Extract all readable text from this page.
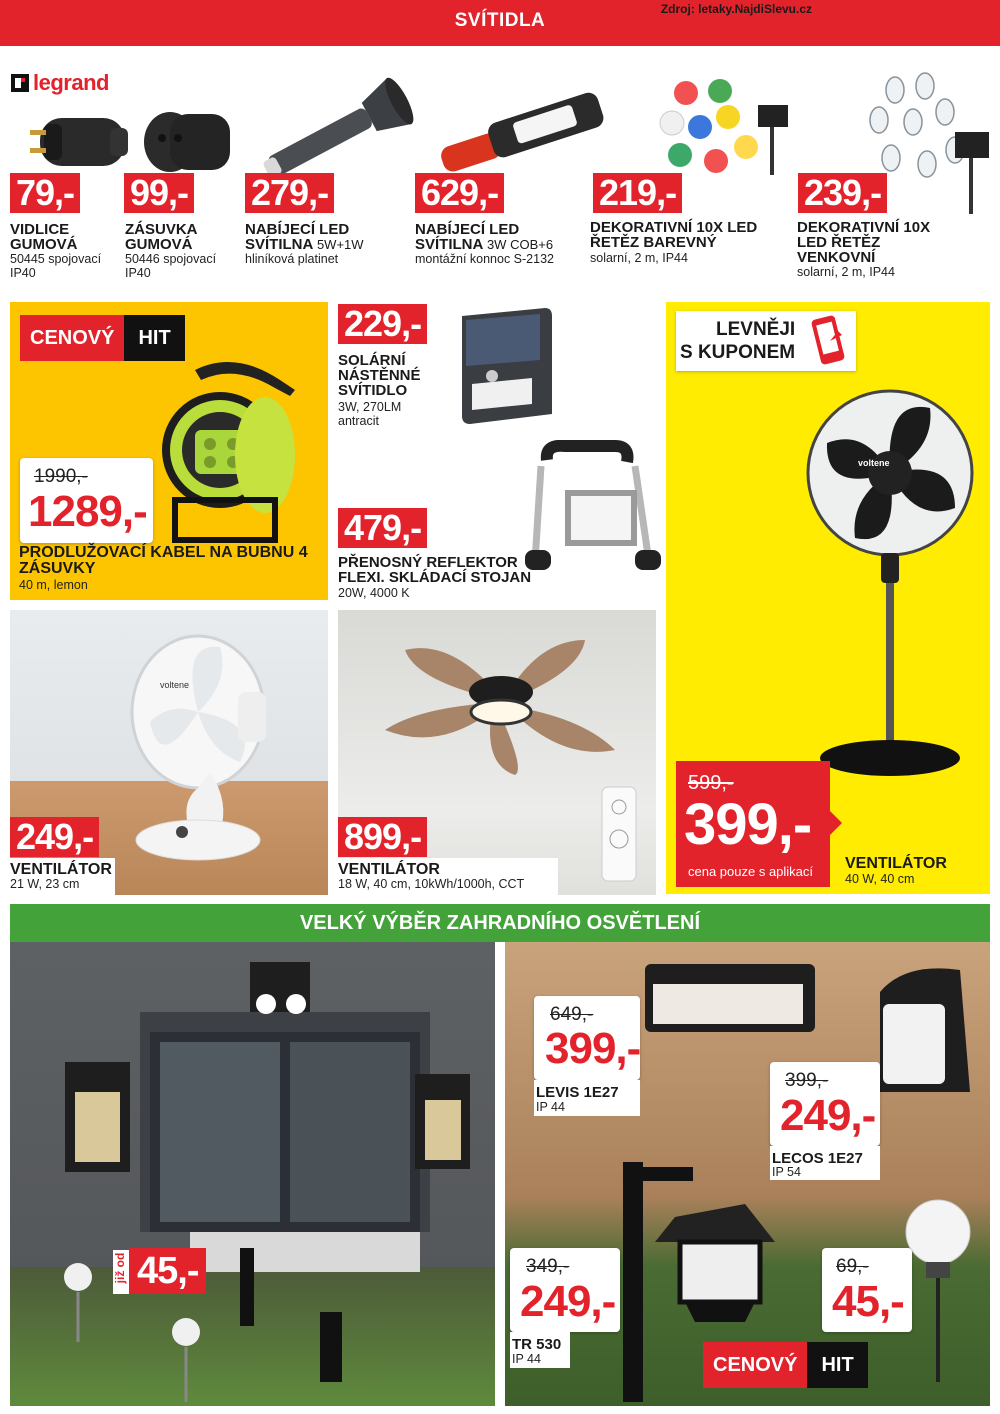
SVÍTIDLA
Zdroj: letaky.NajdiSlevu.cz
legrand
79,-
VIDLICE GUMOVÁ
50445 spojovací IP40
99,-
ZÁSUVKA GUMOVÁ
50446 spojovací IP40
279,-
NABÍJECÍ LED SVÍTILNA 5W+1W
hliníková platinet
629,-
NABÍJECÍ LED SVÍTILNA 3W COB+6
montážní konnoc S-2132
219,-
DEKORATIVNÍ 10X LED ŘETĚZ BAREVNÝ
solarní, 2 m, IP44
239,-
DEKORATIVNÍ 10X LED ŘETĚZ VENKOVNÍ
solarní, 2 m, IP44
CENOVÝ	HIT
1990,-
1289,-
PRODLUŽOVACÍ KABEL NA BUBNU 4 ZÁSUVKY
40 m, lemon
229,-
SOLÁRNÍ NÁSTĚNNÉ SVÍTIDLO
3W, 270LM antracit
479,-
PŘENOSNÝ REFLEKTOR FLEXI. SKLÁDACÍ STOJAN
20W, 4000 K
LEVNĚJI
S KUPONEM
voltene
599,-
399,-
cena pouze s aplikací VENTILÁTOR
40 W, 40 cm
voltene
249,-
VENTILÁTOR
21 W, 23 cm
899,-
VENTILÁTOR
18 W, 40 cm, 10kWh/1000h, CCT
VELKÝ VÝBĚR ZAHRADNÍHO OSVĚTLENÍ
již od 45,-
649,-
399,-
LEVIS 1E27
IP 44
399,-
249,-
LECOS 1E27
IP 54
349,-
249,-
TR 530
IP 44
69,-
45,-
CENOVÝ	HIT
